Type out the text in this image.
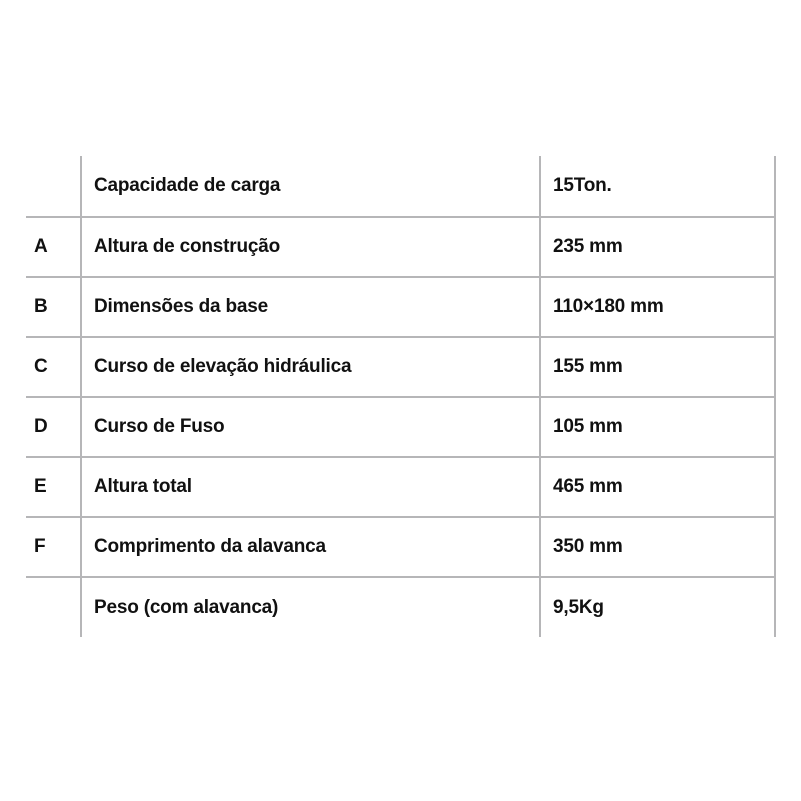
	Capacidade de carga	15Ton.
A	Altura de construção	235 mm
B	Dimensões da base	110×180 mm
C	Curso de elevação hidráulica	155 mm
D	Curso de Fuso	105 mm
E	Altura total	465 mm
F	Comprimento da alavanca	350 mm
	Peso (com alavanca)	9,5Kg
